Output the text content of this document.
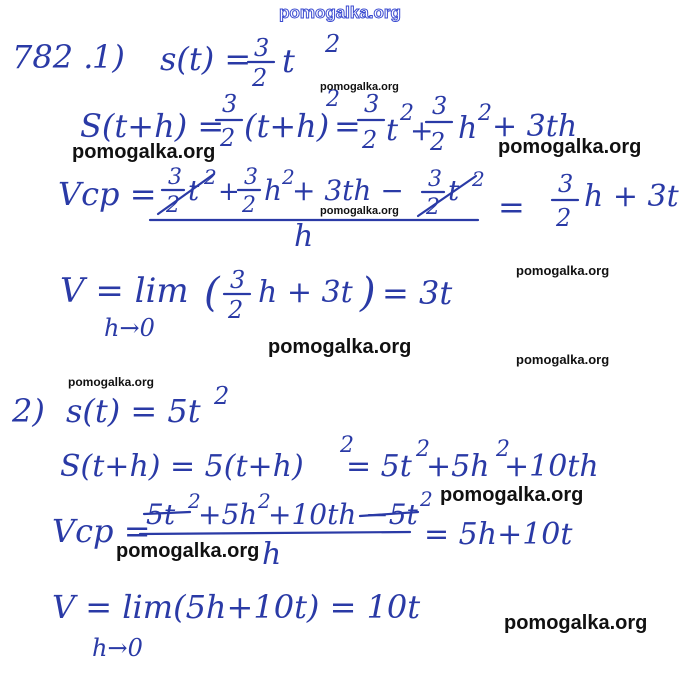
pomogalka.org
782 .
1) s(t) = 3
2 t 2
S(t+h) =
3
2 (t+h)
2
=
3
2 t 2
+
3
2 h 2 + 3th
Vcp = 3
2 t 2 + 3
2 h 2
+ 3th − 3
2
t 2
h
=
3
2
h + 3t
V = lim
h→0
( 3
2 h + 3t ) = 3t
2) s(t) = 5t 2
S(t+h) = 5(t+h)
2
= 5t 2
+5h 2
+10th
Vcp =
5t 2
+5h 2
+10th −5t 2
h
= 5h+10t
V = lim(5h+10t) = 10t
h→0
pomogalka.org
pomogalka.org	pomogalka.org
pomogalka.org
pomogalka.org
pomogalka.org
pomogalka.org
pomogalka.org
pomogalka.org
pomogalka.org
pomogalka.org
